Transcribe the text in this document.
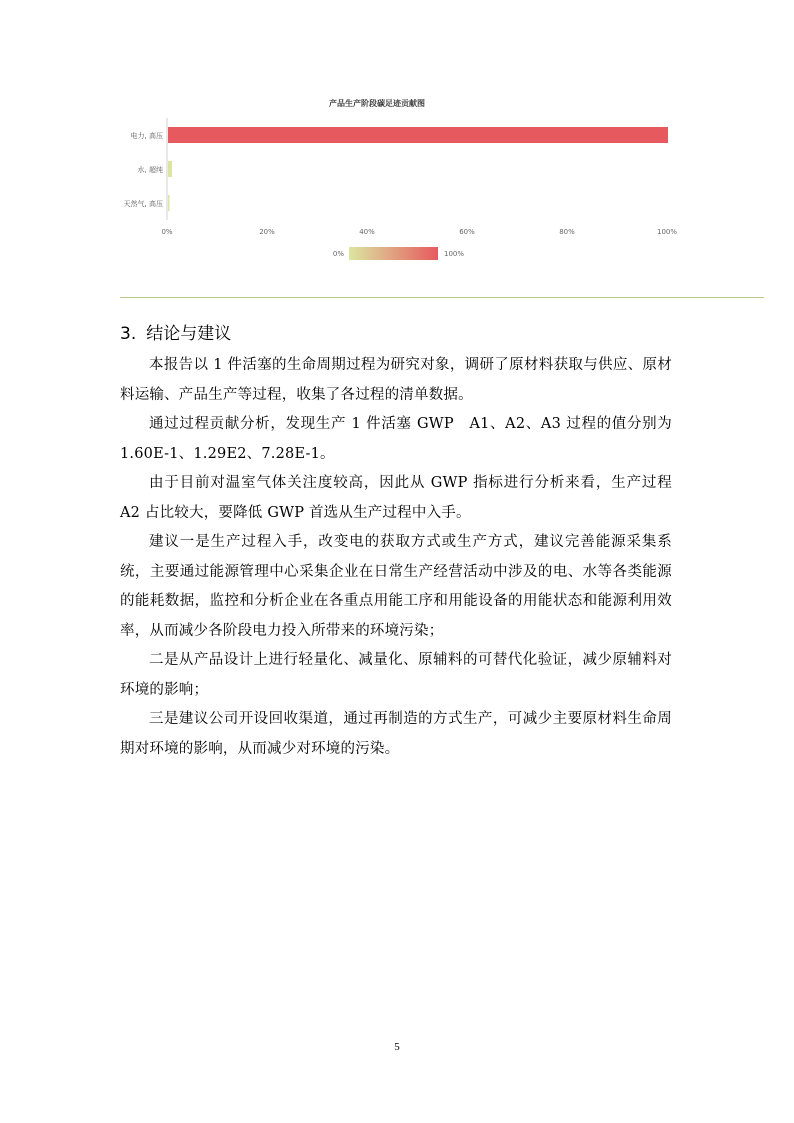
产品生产阶段碳足迹贡献图
电力, 高压
水, 超纯
天然气, 高压
0%	20%	40%	60%	80%	100%
0%	100%
3. 结论与建议

本报告以 1 件活塞的生命周期过程为研究对象，调研了原材料获取与供应、原材料运输、产品生产等过程，收集了各过程的清单数据。

通过过程贡献分析，发现生产 1 件活塞 GWP　A1、A2、A3 过程的值分别为 1.60E-1、1.29E2、7.28E-1。

由于目前对温室气体关注度较高，因此从 GWP 指标进行分析来看，生产过程 A2 占比较大，要降低 GWP 首选从生产过程中入手。

建议一是生产过程入手，改变电的获取方式或生产方式，建议完善能源采集系统，主要通过能源管理中心采集企业在日常生产经营活动中涉及的电、水等各类能源的能耗数据，监控和分析企业在各重点用能工序和用能设备的用能状态和能源利用效率，从而减少各阶段电力投入所带来的环境污染；

二是从产品设计上进行轻量化、减量化、原辅料的可替代化验证，减少原辅料对环境的影响；

三是建议公司开设回收渠道，通过再制造的方式生产，可减少主要原材料生命周期对环境的影响，从而减少对环境的污染。

5
